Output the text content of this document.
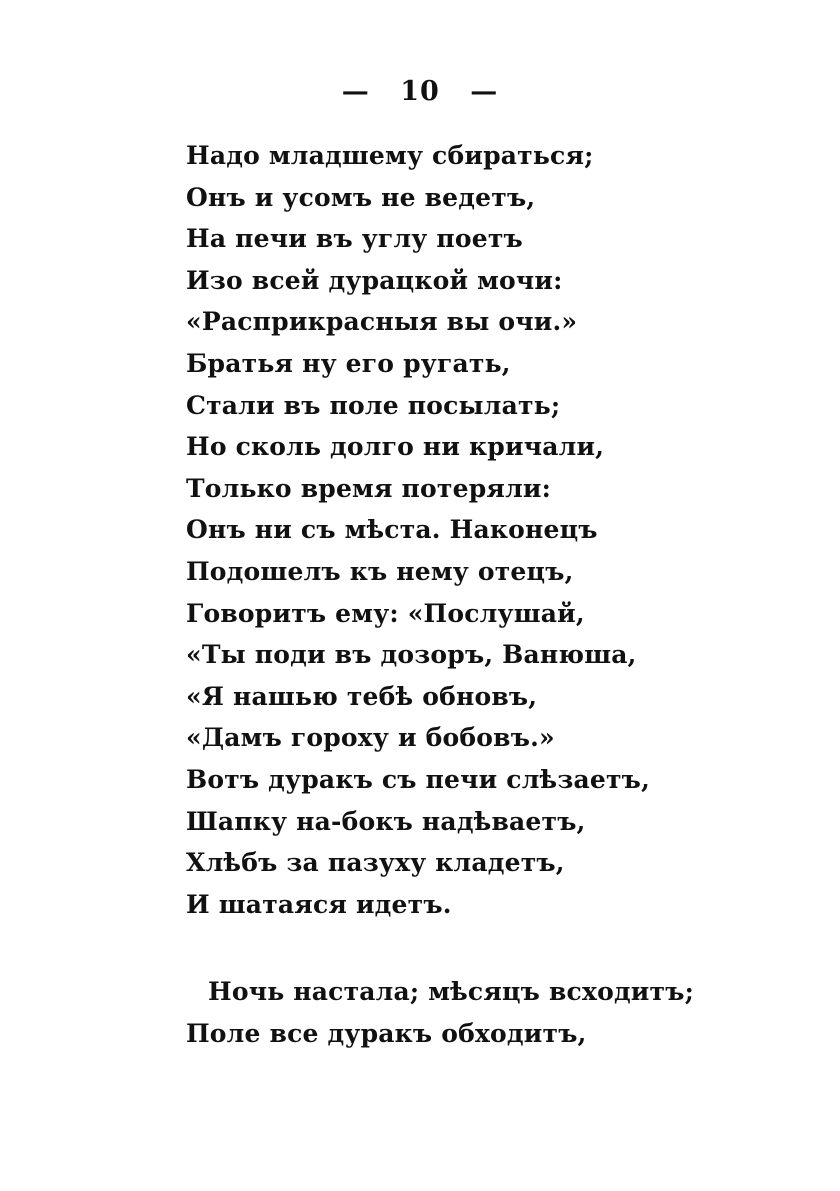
— 10 —
Надо младшему сбираться;
Онъ и усомъ не ведетъ,
На печи въ углу поетъ
Изо всей дурацкой мочи:
«Расприкрасныя вы очи.»
Братья ну его ругать,
Стали въ поле посылать;
Но сколь долго ни кричали,
Только время потеряли:
Онъ ни съ мѣста. Наконецъ
Подошелъ къ нему отецъ,
Говоритъ ему: «Послушай,
«Ты поди въ дозоръ, Ванюша,
«Я нашью тебѣ обновъ,
«Дамъ гороху и бобовъ.»
Вотъ дуракъ съ печи слѣзаетъ,
Шапку на-бокъ надѣваетъ,
Хлѣбъ за пазуху кладетъ,
И шатаяся идетъ.
Ночь настала; мѣсяцъ всходитъ;
Поле все дуракъ обходитъ,
